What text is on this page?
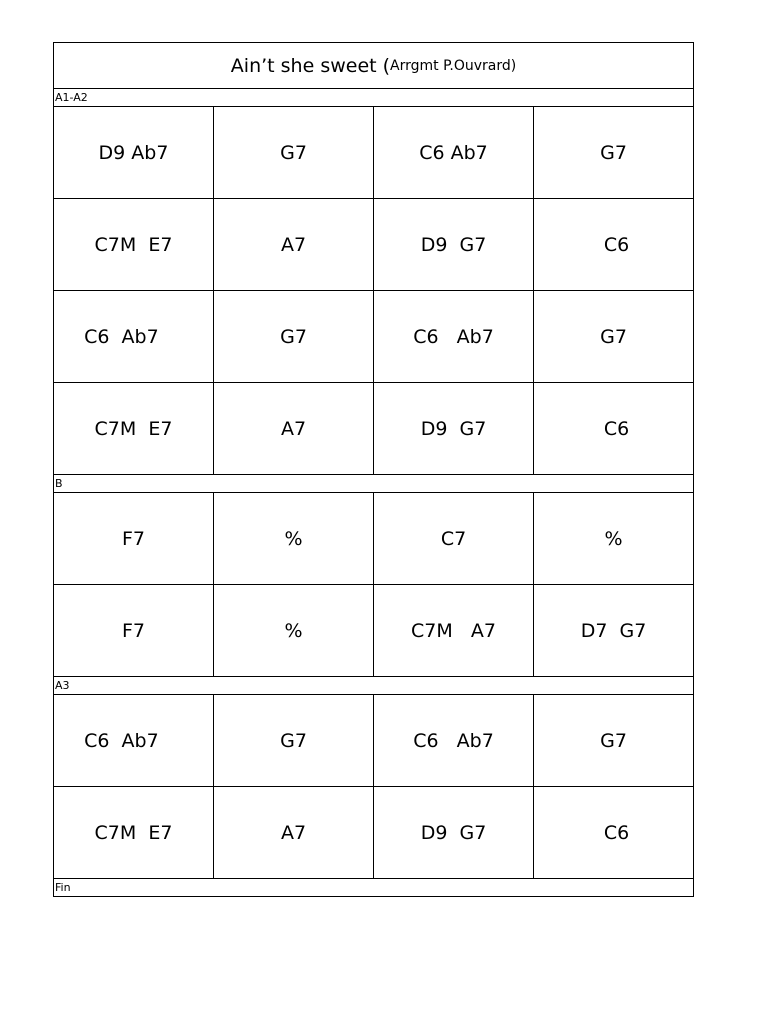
Ain’t she sweet ( Arrgmt P.Ouvrard)
A1-A2
D9 Ab7	G7	C6 Ab7	G7
C7M  E7	A7	D9  G7	C6
C6  Ab7	G7	C6   Ab7	G7
C7M  E7	A7	D9  G7	C6
B
F7	%	C7	%
F7	%	C7M   A7	D7  G7
A3
C6  Ab7	G7	C6   Ab7	G7
C7M  E7	A7	D9  G7	C6
Fin
